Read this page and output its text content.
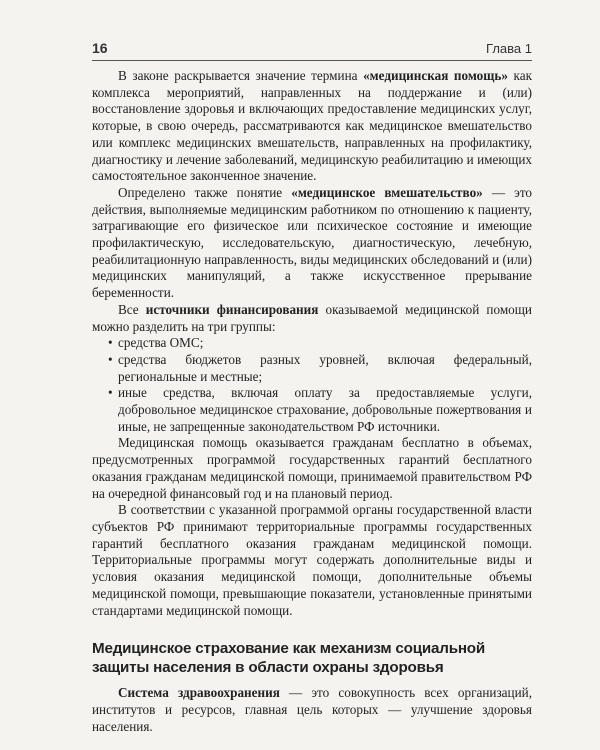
16	Глава 1

В законе раскрывается значение термина «медицинская помощь» как комплекса мероприятий, направленных на поддержание и (или) восстановление здоровья и включающих предоставление медицинских услуг, которые, в свою очередь, рассматриваются как медицинское вмешательство или комплекс медицинских вмешательств, направленных на профилактику, диагностику и лечение заболеваний, медицинскую реабилитацию и имеющих самостоятельное законченное значение.

Определено также понятие «медицинское вмешательство» — это действия, выполняемые медицинским работником по отношению к пациенту, затрагивающие его физическое или психическое состояние и имеющие профилактическую, исследовательскую, диагностическую, лечебную, реабилитационную направленность, виды медицинских обследований и (или) медицинских манипуляций, а также искусственное прерывание беременности.

Все источники финансирования оказываемой медицинской помощи можно разделить на три группы:

• средства ОМС;
• средства бюджетов разных уровней, включая федеральный, региональные и местные;
• иные средства, включая оплату за предоставляемые услуги, добровольное медицинское страхование, добровольные пожертвования и иные, не запрещенные законодательством РФ источники.

Медицинская помощь оказывается гражданам бесплатно в объемах, предусмотренных программой государственных гарантий бесплатного оказания гражданам медицинской помощи, принимаемой правительством РФ на очередной финансовый год и на плановый период.

В соответствии с указанной программой органы государственной власти субъектов РФ принимают территориальные программы государственных гарантий бесплатного оказания гражданам медицинской помощи. Территориальные программы могут содержать дополнительные виды и условия оказания медицинской помощи, дополнительные объемы медицинской помощи, превышающие показатели, установленные принятыми стандартами медицинской помощи.

Медицинское страхование как механизм социальной защиты населения в области охраны здоровья

Система здравоохранения — это совокупность всех организаций, институтов и ресурсов, главная цель которых — улучшение здоровья населения.
